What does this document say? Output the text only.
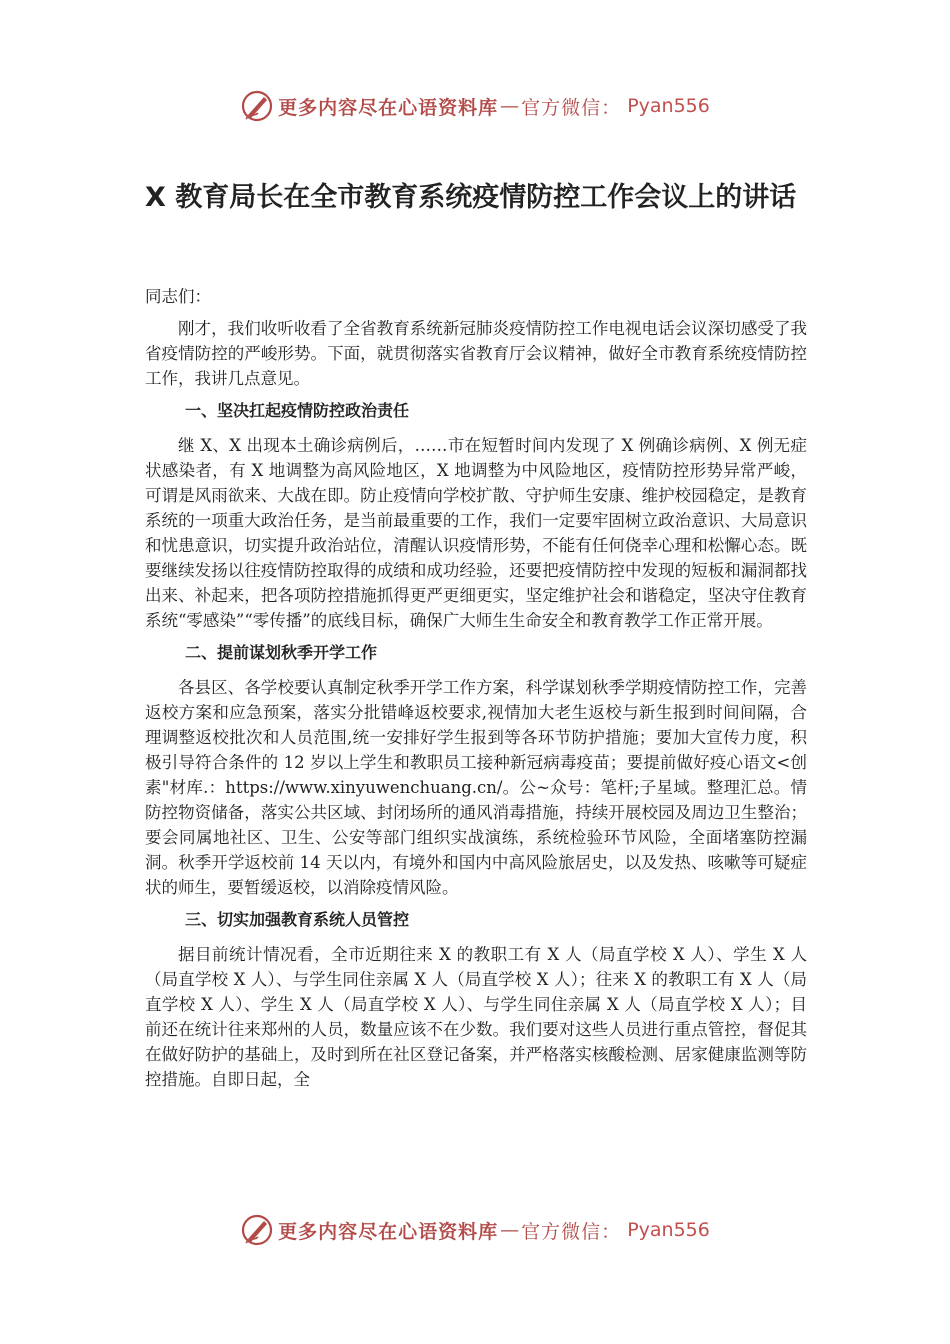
更多内容尽在心语资料库 — 官方微信： Pyan556
X 教育局长在全市教育系统疫情防控工作会议上的讲话

同志们：

刚才，我们收听收看了全省教育系统新冠肺炎疫情防控工作电视电话会议深切感受了我省疫情防控的严峻形势。下面，就贯彻落实省教育厅会议精神，做好全市教育系统疫情防控工作，我讲几点意见。

一、坚决扛起疫情防控政治责任

继 X、X 出现本土确诊病例后，……市在短暂时间内发现了 X 例确诊病例、X 例无症状感染者，有 X 地调整为高风险地区，X 地调整为中风险地区，疫情防控形势异常严峻，可谓是风雨欲来、大战在即。防止疫情向学校扩散、守护师生安康、维护校园稳定，是教育系统的一项重大政治任务，是当前最重要的工作，我们一定要牢固树立政治意识、大局意识和忧患意识，切实提升政治站位，清醒认识疫情形势，不能有任何侥幸心理和松懈心态。既要继续发扬以往疫情防控取得的成绩和成功经验，还要把疫情防控中发现的短板和漏洞都找出来、补起来，把各项防控措施抓得更严更细更实，坚定维护社会和谐稳定，坚决守住教育系统“零感染”“零传播”的底线目标，确保广大师生生命安全和教育教学工作正常开展。

二、提前谋划秋季开学工作

各县区、各学校要认真制定秋季开学工作方案，科学谋划秋季学期疫情防控工作，完善返校方案和应急预案，落实分批错峰返校要求,视情加大老生返校与新生报到时间间隔，合理调整返校批次和人员范围,统一安排好学生报到等各环节防护措施；要加大宣传力度，积极引导符合条件的 12 岁以上学生和教职员工接种新冠病毒疫苗；要提前做好疫心语文<创素"材库.：https://www.xinyuwenchuang.cn/。公~众号：笔杆;子星域。整理汇总。情防控物资储备，落实公共区域、封闭场所的通风消毒措施，持续开展校园及周边卫生整治；要会同属地社区、卫生、公安等部门组织实战演练，系统检验环节风险，全面堵塞防控漏洞。秋季开学返校前 14 天以内，有境外和国内中高风险旅居史，以及发热、咳嗽等可疑症状的师生，要暂缓返校，以消除疫情风险。

三、切实加强教育系统人员管控

据目前统计情况看，全市近期往来 X 的教职工有 X 人（局直学校 X 人）、学生 X 人（局直学校 X 人）、与学生同住亲属 X 人（局直学校 X 人）；往来 X 的教职工有 X 人（局直学校 X 人）、学生 X 人（局直学校 X 人）、与学生同住亲属 X 人（局直学校 X 人）；目前还在统计往来郑州的人员，数量应该不在少数。我们要对这些人员进行重点管控，督促其在做好防护的基础上，及时到所在社区登记备案，并严格落实核酸检测、居家健康监测等防控措施。自即日起，全

更多内容尽在心语资料库 — 官方微信： Pyan556
